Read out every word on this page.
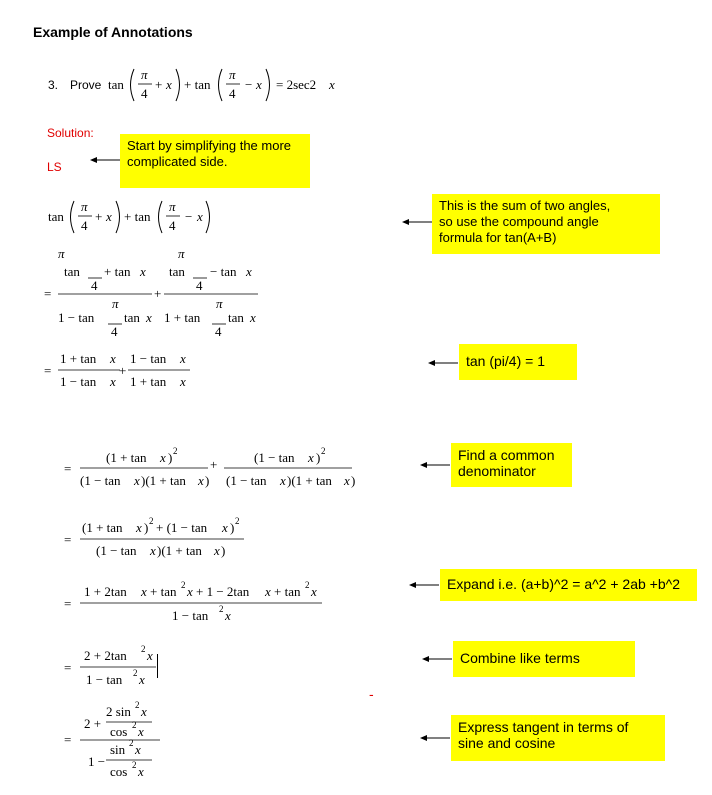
Example of Annotations
3. Prove tan
π
4
+ x + tan
π
4
− x = 2sec2 x
Solution:
LS
Start by simplifying the more
complicated side.
tan
π
4
+ x + tan
π
4
− x
This is the sum of two angles,
so use the compound angle
formula for tan(A+B)
π
tan
4
+ tan x
=	+
π
1 − tan
4
tan x
π
tan
4
− tan x
π
1 + tan
4
tan x
1 + tan x
=
1 − tan x
+
1 − tan x
1 + tan x
tan (pi/4) = 1
(1 + tan x ) 2
=
(1 − tan x )(1 + tan x )
+	(1 − tan x ) 2
(1 − tan x )(1 + tan x )
Find a common
denominator
(1 + tan x ) 2 + (1 − tan x ) 2
=
(1 − tan x )(1 + tan x )
1 + 2tan x + tan 2 x + 1 − 2tan x + tan 2 x
=
1 − tan 2 x
Expand i.e. (a+b)^2 = a^2 + 2ab +b^2
2 + 2tan 2 x
=
1 − tan 2 x
Combine like terms
-
2 sin 2 x
2 +
cos 2 x
=
sin 2 x
1 −
cos 2 x
Express tangent in terms of
sine and cosine
